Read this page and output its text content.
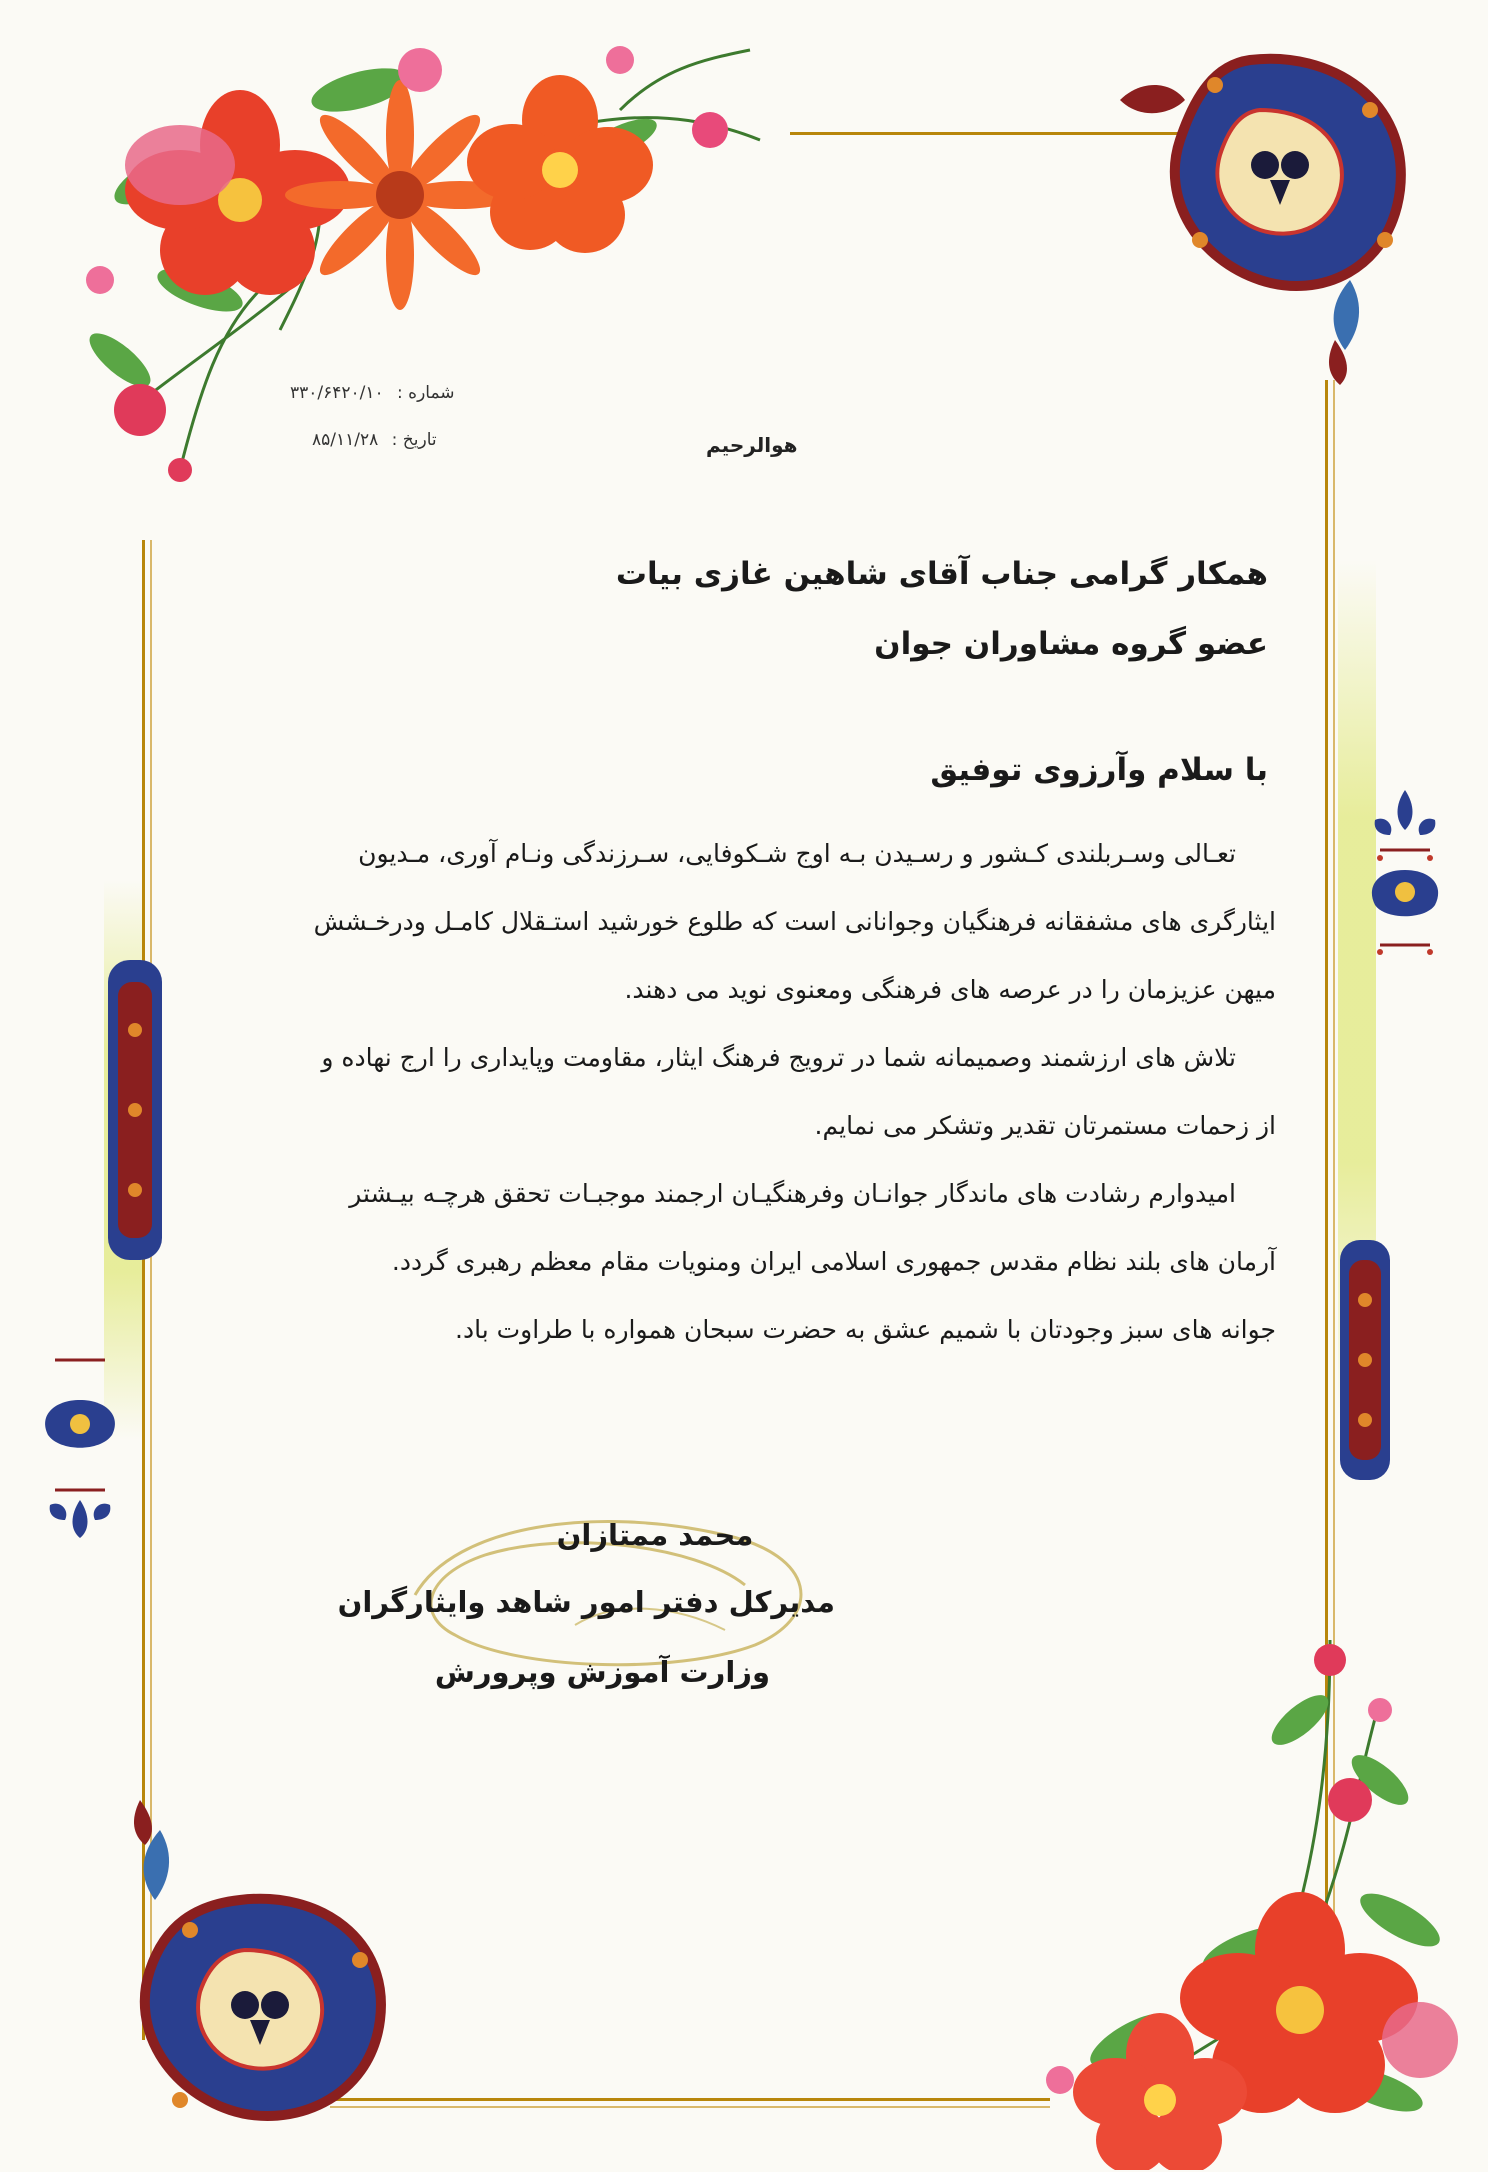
شماره : ۳۳۰/۶۴۲۰/۱۰
تاریخ : ۸۵/۱۱/۲۸	هوالرحیم
همکار گرامی جناب آقای شاهین غازی بیات
عضو گروه مشاوران جوان
با سلام وآرزوی توفیق

تعـالی وسـربلندی کـشور و رسـیدن بـه اوج شـکوفایی، سـرزندگی ونـام آوری، مـدیون

ایثارگری های مشفقانه فرهنگیان وجوانانی است که طلوع خورشید استـقلال کامـل ودرخـشش

میهن عزیزمان را در عرصه های فرهنگی ومعنوی نوید می دهند.

تلاش های ارزشمند وصمیمانه شما در ترویج فرهنگ ایثار، مقاومت وپایداری را ارج نهاده و

از زحمات مستمرتان تقدیر وتشکر می نمایم.

امیدوارم رشادت های ماندگار جوانـان وفرهنگیـان ارجمند موجبـات تحقق هرچـه بیـشتر

آرمان های بلند نظام مقدس جمهوری اسلامی ایران ومنویات مقام معظم رهبری گردد.

جوانه های سبز وجودتان با شمیم عشق به حضرت سبحان همواره با طراوت باد.

محمد ممتازان
مدیرکل دفتر امور شاهد وایثارگران
وزارت آموزش وپرورش
